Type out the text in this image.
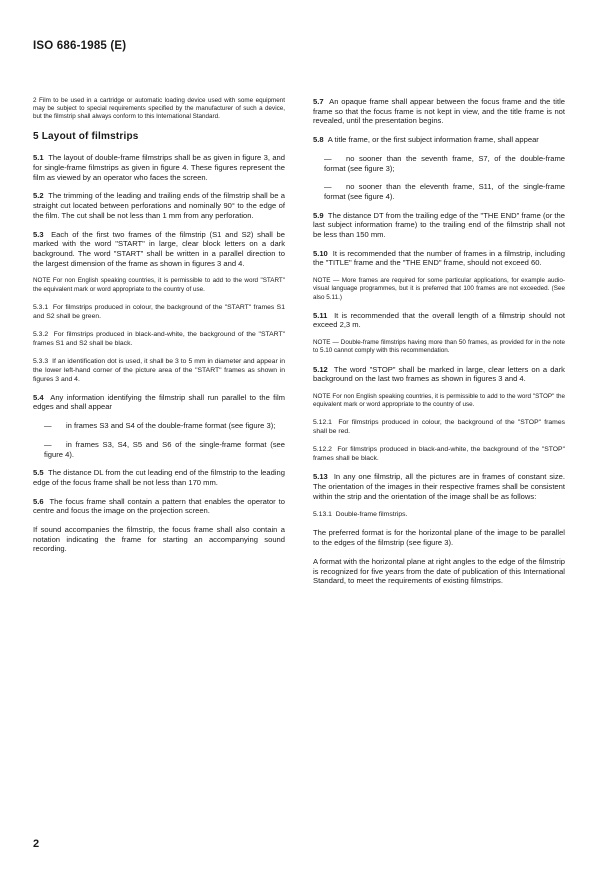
ISO 686-1985 (E)

2 Film to be used in a cartridge or automatic loading device used with some equipment may be subject to special requirements specified by the manufacturer of such a device, but the filmstrip shall always conform to this International Standard.

5 Layout of filmstrips

5.1 The layout of double-frame filmstrips shall be as given in figure 3, and for single-frame filmstrips as given in figure 4. These figures represent the film as viewed by an operator who faces the screen.

5.2 The trimming of the leading and trailing ends of the filmstrip shall be a straight cut located between perforations and nominally 90° to the edge of the film. The cut shall be not less than 1 mm from any perforation.

5.3 Each of the first two frames of the filmstrip (S1 and S2) shall be marked with the word "START" in large, clear block letters on a dark background. The word "START" shall be written in a parallel direction to the largest dimension of the frame as shown in figures 3 and 4.

NOTE For non English speaking countries, it is permissible to add to the word "START" the equivalent mark or word appropriate to the country of use.

5.3.1 For filmstrips produced in colour, the background of the "START" frames S1 and S2 shall be green.

5.3.2 For filmstrips produced in black-and-white, the background of the "START" frames S1 and S2 shall be black.

5.3.3 If an identification dot is used, it shall be 3 to 5 mm in diameter and appear in the lower left-hand corner of the picture area of the "START" frames as shown in figures 3 and 4.

5.4 Any information identifying the filmstrip shall run parallel to the film edges and shall appear

— in frames S3 and S4 of the double-frame format (see figure 3);

— in frames S3, S4, S5 and S6 of the single-frame format (see figure 4).

5.5 The distance DL from the cut leading end of the filmstrip to the leading edge of the focus frame shall be not less than 170 mm.

5.6 The focus frame shall contain a pattern that enables the operator to centre and focus the image on the projection screen.

If sound accompanies the filmstrip, the focus frame shall also contain a notation indicating the frame for starting an accompanying sound recording.

5.7 An opaque frame shall appear between the focus frame and the title frame so that the focus frame is not kept in view, and the title frame is not revealed, until the presentation begins.

5.8 A title frame, or the first subject information frame, shall appear

— no sooner than the seventh frame, S7, of the double-frame format (see figure 3);

— no sooner than the eleventh frame, S11, of the single-frame format (see figure 4).

5.9 The distance DT from the trailing edge of the "THE END" frame (or the last subject information frame) to the trailing end of the filmstrip shall not be less than 150 mm.

5.10 It is recommended that the number of frames in a filmstrip, including the "TITLE" frame and the "THE END" frame, should not exceed 60.

NOTE — More frames are required for some particular applications, for example audio-visual language programmes, but it is preferred that 100 frames are not exceeded. (See also 5.11.)

5.11 It is recommended that the overall length of a filmstrip should not exceed 2,3 m.

NOTE — Double-frame filmstrips having more than 50 frames, as provided for in the note to 5.10 cannot comply with this recommendation.

5.12 The word "STOP" shall be marked in large, clear letters on a dark background on the last two frames as shown in figures 3 and 4.

NOTE For non English speaking countries, it is permissible to add to the word "STOP" the equivalent mark or word appropriate to the country of use.

5.12.1 For filmstrips produced in colour, the background of the "STOP" frames shall be red.

5.12.2 For filmstrips produced in black-and-white, the background of the "STOP" frames shall be black.

5.13 In any one filmstrip, all the pictures are in frames of constant size. The orientation of the images in their respective frames shall be consistent within the strip and the orientation of the image shall be as follows:

5.13.1 Double-frame filmstrips.

The preferred format is for the horizontal plane of the image to be parallel to the edges of the filmstrip (see figure 3).

A format with the horizontal plane at right angles to the edge of the filmstrip is recognized for five years from the date of publication of this International Standard, to meet the requirements of existing filmstrips.

2
